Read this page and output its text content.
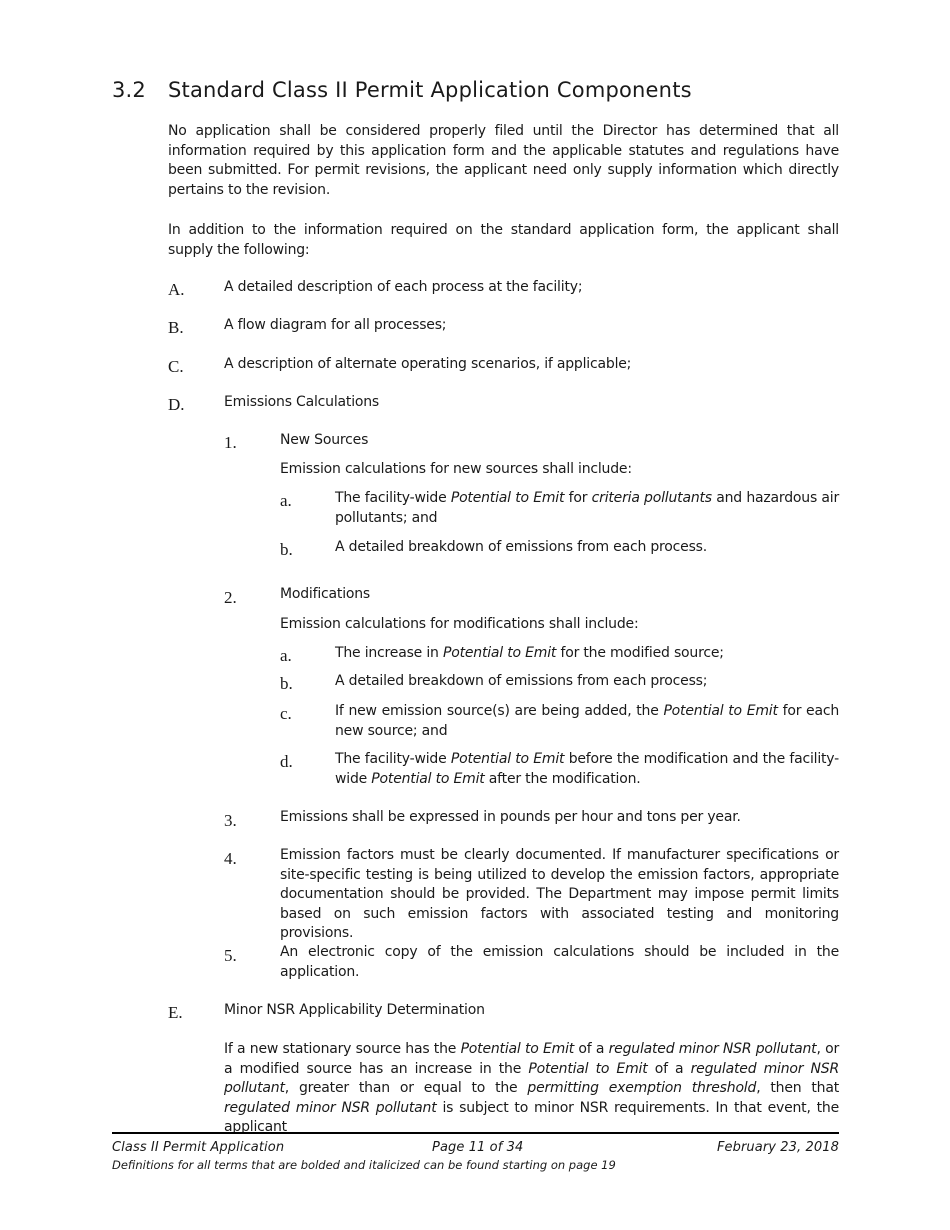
3.2 Standard Class II Permit Application Components
No application shall be considered properly filed until the Director has determined that all information required by this application form and the applicable statutes and regulations have been submitted. For permit revisions, the applicant need only supply information which directly pertains to the revision.
In addition to the information required on the standard application form, the applicant shall supply the following:
A.	A detailed description of each process at the facility;
B.	A flow diagram for all processes;
C.	A description of alternate operating scenarios, if applicable;
D.	Emissions Calculations
1.	New Sources
Emission calculations for new sources shall include:
a.	The facility-wide Potential to Emit for criteria pollutants and hazardous air pollutants; and
b.	A detailed breakdown of emissions from each process.
2.	Modifications
Emission calculations for modifications shall include:
a.	The increase in Potential to Emit for the modified source;
b.	A detailed breakdown of emissions from each process;
c.	If new emission source(s) are being added, the Potential to Emit for each new source; and
d.	The facility-wide Potential to Emit before the modification and the facility-wide Potential to Emit after the modification.
3.	Emissions shall be expressed in pounds per hour and tons per year.
4.	Emission factors must be clearly documented. If manufacturer specifications or site-specific testing is being utilized to develop the emission factors, appropriate documentation should be provided. The Department may impose permit limits based on such emission factors with associated testing and monitoring provisions.
5.	An electronic copy of the emission calculations should be included in the application.
E.	Minor NSR Applicability Determination
If a new stationary source has the Potential to Emit of a regulated minor NSR pollutant, or a modified source has an increase in the Potential to Emit of a regulated minor NSR pollutant, greater than or equal to the permitting exemption threshold, then that regulated minor NSR pollutant is subject to minor NSR requirements. In that event, the applicant
Class II Permit Application	Page 11 of 34	February 23, 2018
Definitions for all terms that are bolded and italicized can be found starting on page 19
